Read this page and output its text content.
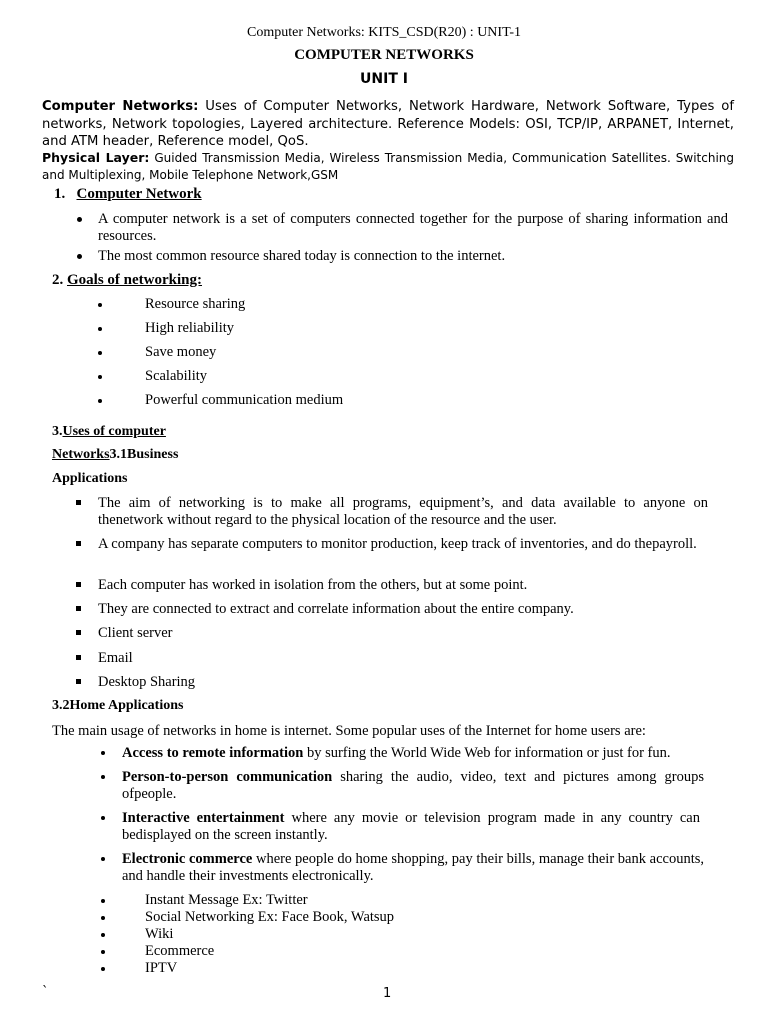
Computer Networks: KITS_CSD(R20) : UNIT-1
COMPUTER NETWORKS
UNIT I
Computer Networks: Uses of Computer Networks, Network Hardware, Network Software, Types of networks, Network topologies, Layered architecture. Reference Models: OSI, TCP/IP, ARPANET, Internet, and ATM header, Reference model, QoS.
Physical Layer: Guided Transmission Media, Wireless Transmission Media, Communication Satellites. Switching and Multiplexing, Mobile Telephone Network,GSM
1. Computer Network
A computer network is a set of computers connected together for the purpose of sharing information and resources.
The most common resource shared today is connection to the internet.
2. Goals of networking:
Resource sharing
High reliability
Save money
Scalability
Powerful communication medium
3.Uses of computer
Networks3.1Business
Applications
The aim of networking is to make all programs, equipment’s, and data available to anyone on thenetwork without regard to the physical location of the resource and the user.
A company has separate computers to monitor production, keep track of inventories, and do thepayroll.
Each computer has worked in isolation from the others, but at some point.
They are connected to extract and correlate information about the entire company.
Client server
Email
Desktop Sharing
3.2Home Applications
The main usage of networks in home is internet. Some popular uses of the Internet for home users are:
Access to remote information by surfing the World Wide Web for information or just for fun.
Person-to-person communication sharing the audio, video, text and pictures among groups ofpeople.
Interactive entertainment where any movie or television program made in any country can bedisplayed on the screen instantly.
Electronic commerce where people do home shopping, pay their bills, manage their bank accounts, and handle their investments electronically.
Instant Message Ex: Twitter
Social Networking Ex: Face Book, Watsup
Wiki
Ecommerce
IPTV
`	1
